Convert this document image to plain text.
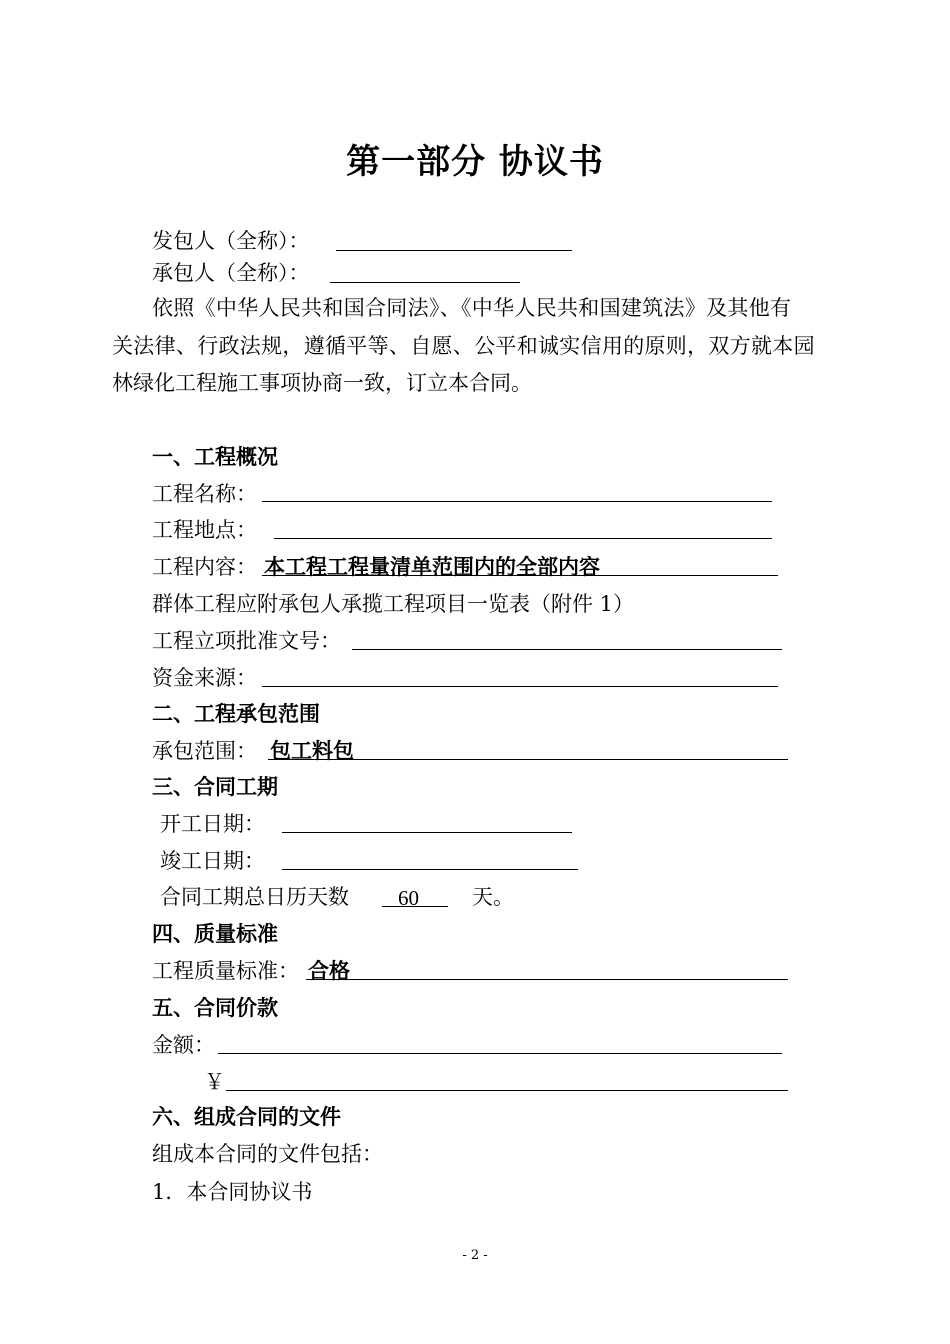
第一部分 协议书
发包人（全称）：
承包人（全称）：
依照《中华人民共和国合同法》、《中华人民共和国建筑法》及其他有
关法律、行政法规，遵循平等、自愿、公平和诚实信用的原则，双方就本园
林绿化工程施工事项协商一致，订立本合同。
一、工程概况
工程名称：
工程地点：
工程内容： 本工程工程量清单范围内的全部内容
群体工程应附承包人承揽工程项目一览表（附件 1）
工程立项批准文号：
资金来源：
二、工程承包范围
承包范围： 包工料包
三、合同工期
开工日期：
竣工日期：
合同工期总日历天数 60	天。
四、质量标准
工程质量标准： 合格
五、合同价款
金额：
￥
六、组成合同的文件
组成本合同的文件包括：
1．本合同协议书
- 2 -
